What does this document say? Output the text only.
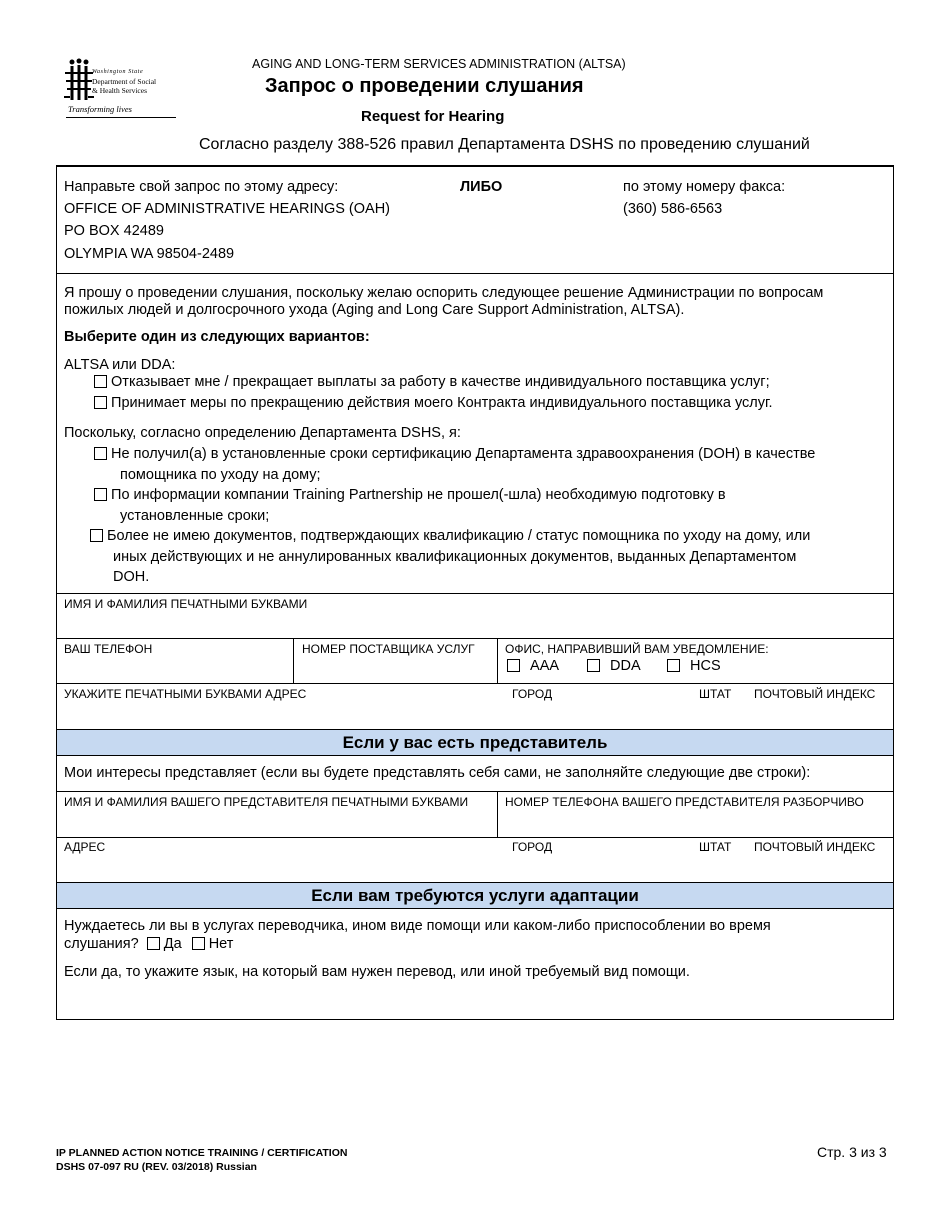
Washington State
Department of Social
& Health Services
Transforming lives
AGING AND LONG-TERM SERVICES ADMINISTRATION (ALTSA)
Запрос о проведении слушания
Request for Hearing
Согласно разделу 388-526 правил Департамента DSHS по проведению слушаний
Направьте свой запрос по этому адресу:	ЛИБО	по этому номеру факса:
OFFICE OF ADMINISTRATIVE HEARINGS (OAH)	(360) 586-6563
PO BOX 42489
OLYMPIA WA 98504-2489
Я прошу о проведении слушания, поскольку желаю оспорить следующее решение Администрации по вопросам
пожилых людей и долгосрочного ухода (Aging and Long Care Support Administration, ALTSA).
Выберите один из следующих вариантов:
ALTSA или DDA:
Отказывает мне / прекращает выплаты за работу в качестве индивидуального поставщика услуг;
Принимает меры по прекращению действия моего Контракта индивидуального поставщика услуг.
Поскольку, согласно определению Департамента DSHS, я:
Не получил(а) в установленные сроки сертификацию Департамента здравоохранения (DOH) в качестве
помощника по уходу на дому;
По информации компании Training Partnership не прошел(-шла) необходимую подготовку в
установленные сроки;
Более не имею документов, подтверждающих квалификацию / статус помощника по уходу на дому, или
иных действующих и не аннулированных квалификационных документов, выданных Департаментом
DOH.
ИМЯ И ФАМИЛИЯ ПЕЧАТНЫМИ БУКВАМИ
ВАШ ТЕЛЕФОН	НОМЕР ПОСТАВЩИКА УСЛУГ	ОФИС, НАПРАВИВШИЙ ВАМ УВЕДОМЛЕНИЕ:
AAA	DDA	HCS
УКАЖИТЕ ПЕЧАТНЫМИ БУКВАМИ АДРЕС	ГОРОД	ШТАТ ПОЧТОВЫЙ ИНДЕКС
Если у вас есть представитель
Мои интересы представляет (если вы будете представлять себя сами, не заполняйте следующие две строки):
ИМЯ И ФАМИЛИЯ ВАШЕГО ПРЕДСТАВИТЕЛЯ ПЕЧАТНЫМИ БУКВАМИ	НОМЕР ТЕЛЕФОНА ВАШЕГО ПРЕДСТАВИТЕЛЯ РАЗБОРЧИВО
АДРЕС	ГОРОД	ШТАТ ПОЧТОВЫЙ ИНДЕКС
Если вам требуются услуги адаптации
Нуждаетесь ли вы в услугах переводчика, ином виде помощи или каком-либо приспособлении во время
слушания? Да Нет
Если да, то укажите язык, на который вам нужен перевод, или иной требуемый вид помощи.
IP PLANNED ACTION NOTICE TRAINING / CERTIFICATION
DSHS 07-097 RU (REV. 03/2018) Russian
Стр. 3 из 3
